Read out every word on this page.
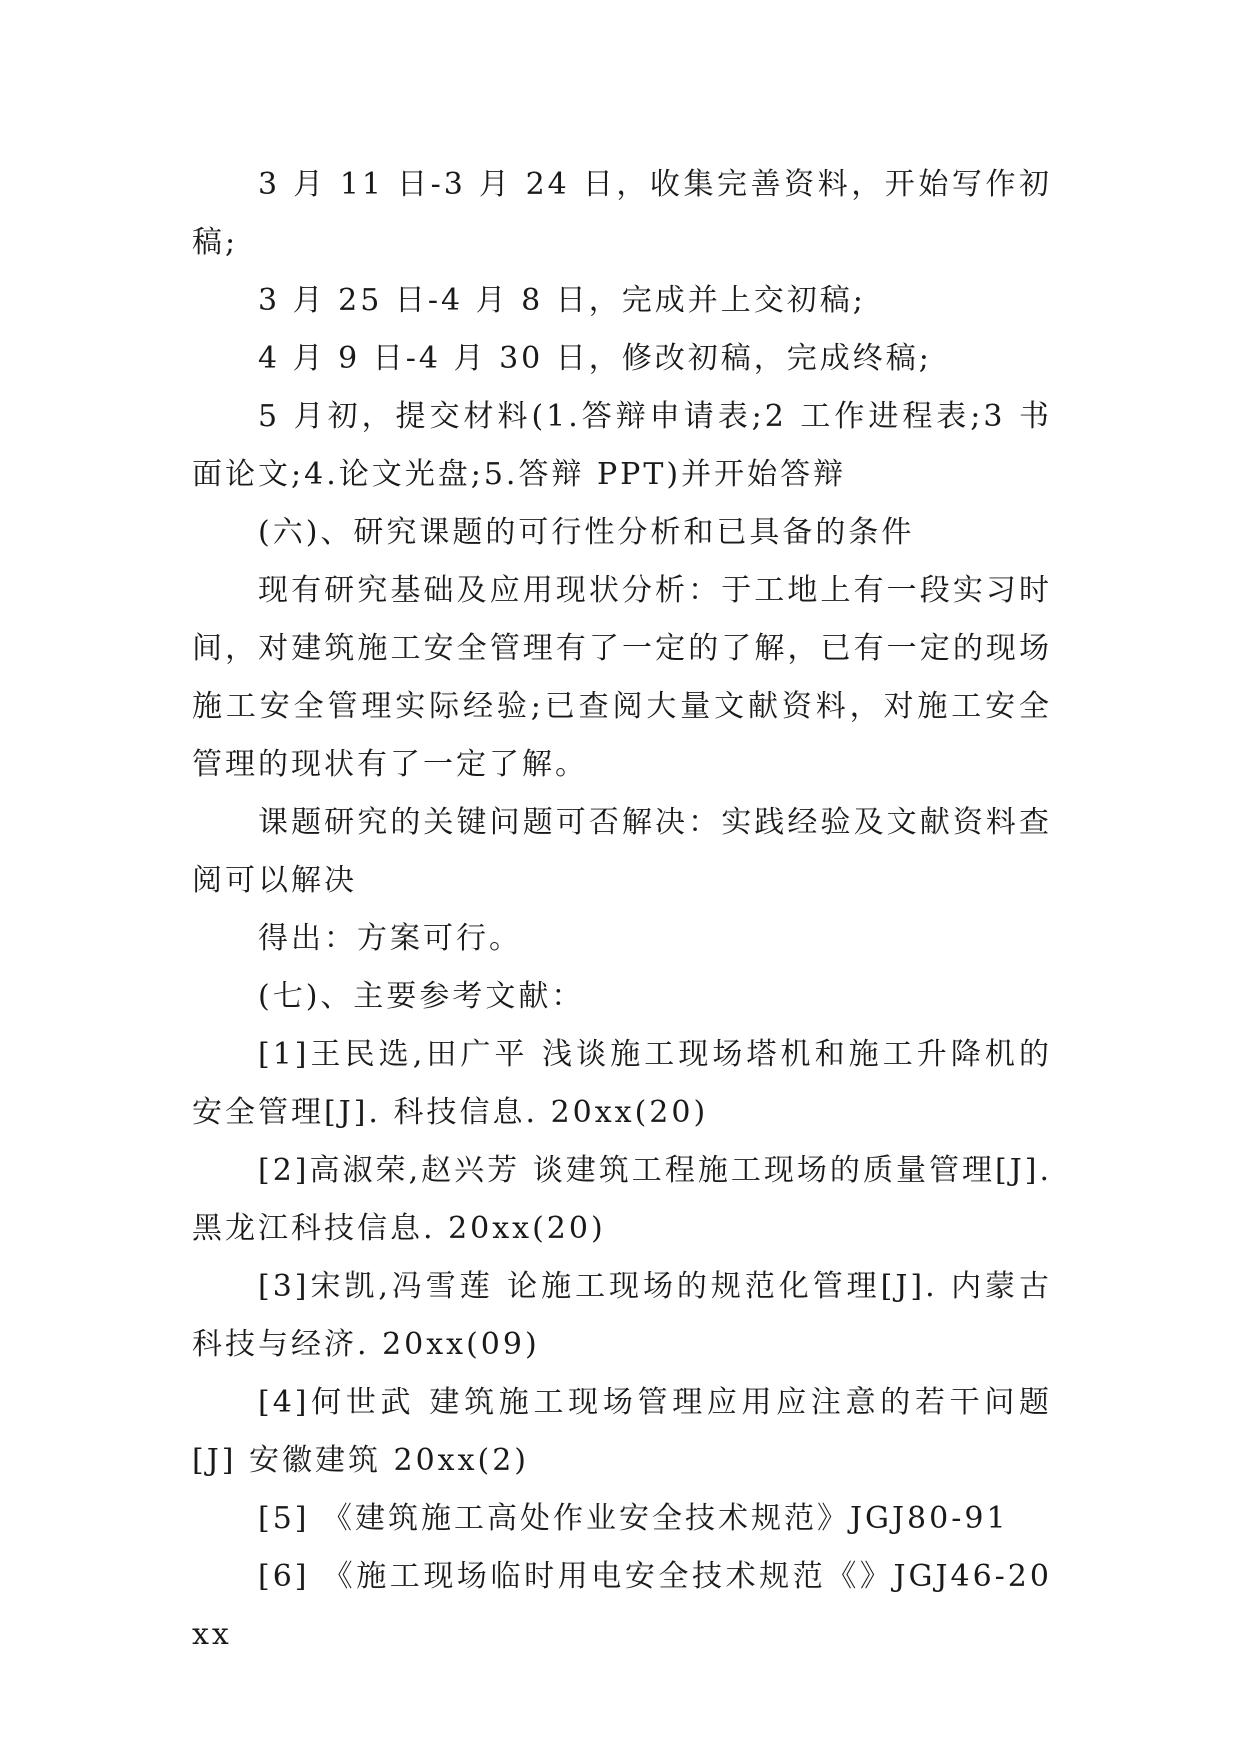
3 月 11 日-3 月 24 日，收集完善资料，开始写作初稿;

3 月 25 日-4 月 8 日，完成并上交初稿;

4 月 9 日-4 月 30 日，修改初稿，完成终稿;

5 月初，提交材料(1.答辩申请表;2 工作进程表;3 书面论文;4.论文光盘;5.答辩 PPT)并开始答辩

(六)、研究课题的可行性分析和已具备的条件

现有研究基础及应用现状分析：于工地上有一段实习时间，对建筑施工安全管理有了一定的了解，已有一定的现场施工安全管理实际经验;已查阅大量文献资料，对施工安全管理的现状有了一定了解。

课题研究的关键问题可否解决：实践经验及文献资料查阅可以解决

得出：方案可行。

(七)、主要参考文献：

[1]王民选,田广平 浅谈施工现场塔机和施工升降机的安全管理[J]. 科技信息. 20xx(20)

[2]高淑荣,赵兴芳 谈建筑工程施工现场的质量管理[J]. 黑龙江科技信息. 20xx(20)

[3]宋凯,冯雪莲 论施工现场的规范化管理[J]. 内蒙古科技与经济. 20xx(09)

[4]何世武 建筑施工现场管理应用应注意的若干问题[J] 安徽建筑 20xx(2)

[5] 《建筑施工高处作业安全技术规范》JGJ80-91

[6] 《施工现场临时用电安全技术规范《》JGJ46-20xx
